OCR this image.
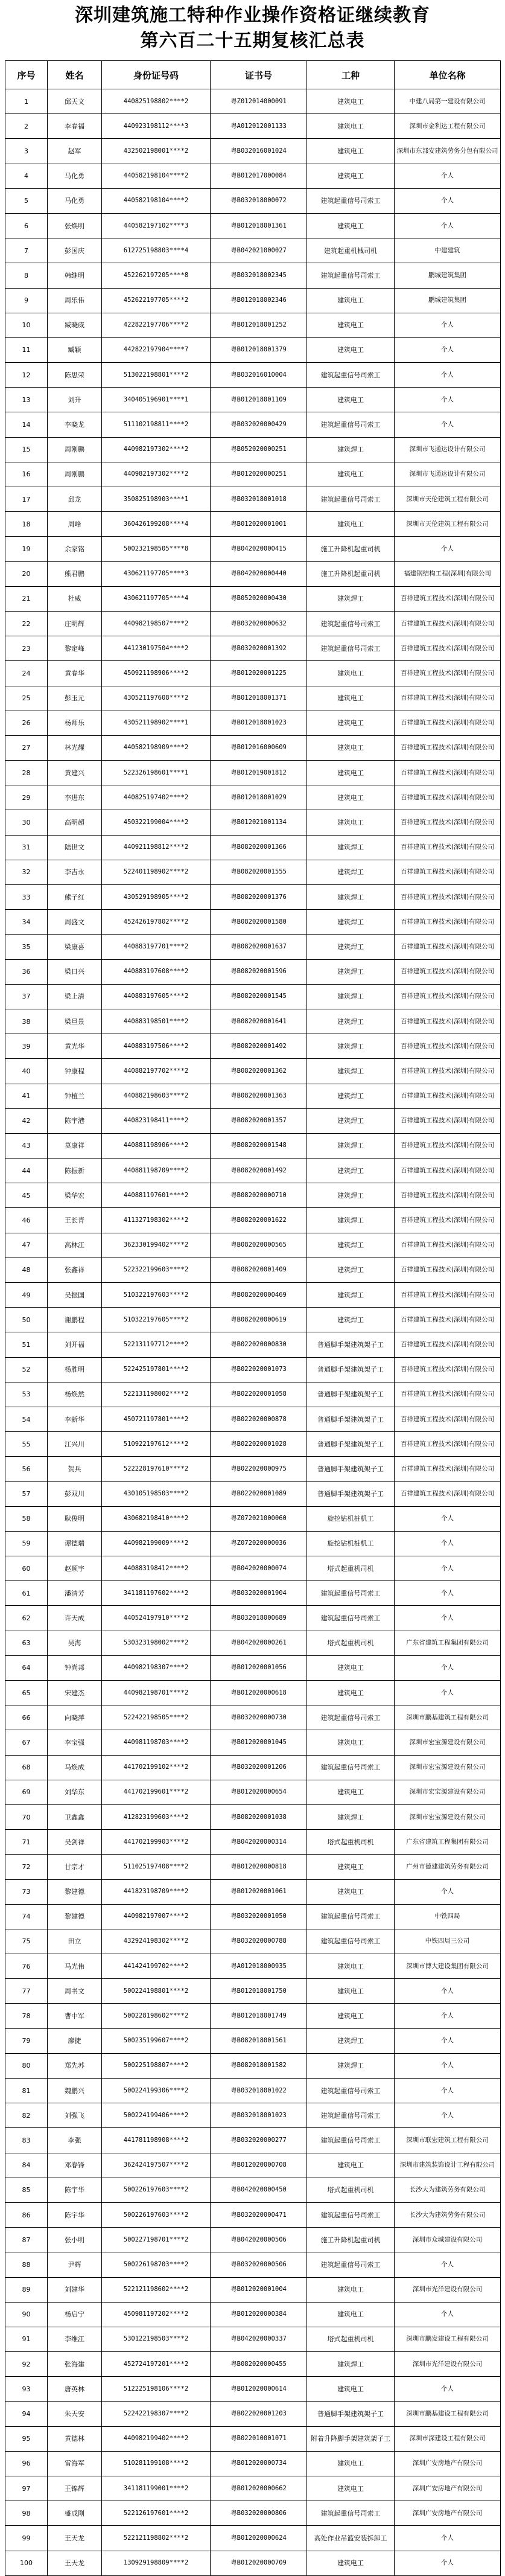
深圳建筑施工特种作业操作资格证继续教育
第六百二十五期复核汇总表
序号	姓名	身份证号码	证书号	工种	单位名称
1	邱天文	440825198802****2	粤Z012014000091	建筑电工	中建八局第一建设有限公司
2	李春福	440923198112****3	粤A012012001133	建筑电工	深圳市金利达工程有限公司
3	赵军	432502198001****2	粤B032016001024	建筑电工	深圳市东部安建筑劳务分包有限公司
4	马化勇	440582198104****2	粤B012017000084	建筑电工	个人
5	马化勇	440582198104****2	粤B032018000072	建筑起重信号司索工	个人
6	张焕明	440582197102****3	粤B012018001361	建筑电工	个人
7	彭国庆	612725198803****4	粤B042021000027	建筑起重机械司机	中建建筑
8	韩继明	452262197205****8	粤B032018002345	建筑起重信号司索工	鹏城建筑集团
9	周乐伟	452622197705****2	粤B012018002346	建筑电工	鹏城建筑集团
10	臧晓威	422822197706****2	粤B012018001252	建筑电工	个人
11	臧颖	442822197904****7	粤B012018001379	建筑电工	个人
12	陈思荣	513022198801****2	粤B032016010004	建筑起重信号司索工	个人
13	刘升	340405196901****1	粤B012018001109	建筑电工	个人
14	李晓龙	511102198811****2	粤B032020000429	建筑起重信号司索工	个人
15	周刚鹏	440982197302****2	粤B052020000251	建筑焊工	深圳市飞通达设计有限公司
16	周刚鹏	440982197302****2	粤B012020000251	建筑电工	深圳市飞通达设计有限公司
17	邱龙	350825198903****1	粤B032018001018	建筑起重信号司索工	深圳市天伦建筑工程有限公司
18	周峰	360426199208****4	粤B012020001001	建筑电工	深圳市天伦建筑工程有限公司
19	余家铭	500232198505****8	粤B042020000415	施工升降机起重司机	个人
20	熊君鹏	430621197705****3	粤B042020000440	施工升降机起重司机	福建钢结构工程(深圳)有限公司
21	杜威	430621197705****4	粤B052020000430	建筑焊工	百祥建筑工程技术(深圳)有限公司
22	庄明辉	440982198507****2	粤B032020000632	建筑起重信号司索工	百祥建筑工程技术(深圳)有限公司
23	黎定峰	441230197504****2	粤B032020001392	建筑起重信号司索工	百祥建筑工程技术(深圳)有限公司
24	黄春华	450921198906****2	粤B012020001225	建筑电工	百祥建筑工程技术(深圳)有限公司
25	彭玉元	430521197608****2	粤B012018001371	建筑电工	百祥建筑工程技术(深圳)有限公司
26	杨师乐	430521198902****1	粤B012018001023	建筑电工	百祥建筑工程技术(深圳)有限公司
27	林光耀	440582198909****2	粤B012016000609	建筑电工	百祥建筑工程技术(深圳)有限公司
28	黄建兴	522326198601****1	粤B012019001812	建筑电工	百祥建筑工程技术(深圳)有限公司
29	李进东	440825197402****2	粤B012018001029	建筑电工	百祥建筑工程技术(深圳)有限公司
30	高明超	450322199004****2	粤B012021001134	建筑电工	百祥建筑工程技术(深圳)有限公司
31	陆世文	440921198812****2	粤B082020001366	建筑焊工	百祥建筑工程技术(深圳)有限公司
32	李吉永	522401198902****2	粤B082020001555	建筑焊工	百祥建筑工程技术(深圳)有限公司
33	熊子红	430529198905****2	粤B082020001376	建筑焊工	百祥建筑工程技术(深圳)有限公司
34	周盛文	452426197802****2	粤B082020001580	建筑焊工	百祥建筑工程技术(深圳)有限公司
35	梁康喜	440883197701****2	粤B082020001637	建筑焊工	百祥建筑工程技术(深圳)有限公司
36	梁日兴	440883197608****2	粤B082020001596	建筑焊工	百祥建筑工程技术(深圳)有限公司
37	梁上清	440883197605****2	粤B082020001545	建筑焊工	百祥建筑工程技术(深圳)有限公司
38	梁旦景	440883198501****2	粤B082020001641	建筑焊工	百祥建筑工程技术(深圳)有限公司
39	黄光华	440883197506****2	粤B082020001492	建筑焊工	百祥建筑工程技术(深圳)有限公司
40	钟康程	440882197702****2	粤B082020001362	建筑焊工	百祥建筑工程技术(深圳)有限公司
41	钟植兰	440882198603****2	粤B082020001363	建筑焊工	百祥建筑工程技术(深圳)有限公司
42	陈宇港	440823198411****2	粤B082020001357	建筑焊工	百祥建筑工程技术(深圳)有限公司
43	莫康祥	440881198906****2	粤B082020001548	建筑焊工	百祥建筑工程技术(深圳)有限公司
44	陈振新	440881198709****2	粤B082020001492	建筑焊工	百祥建筑工程技术(深圳)有限公司
45	梁华宏	440881197601****2	粤B082020000710	建筑焊工	百祥建筑工程技术(深圳)有限公司
46	王长青	411327198302****2	粤B082020001622	建筑焊工	百祥建筑工程技术(深圳)有限公司
47	高林江	362330199402****2	粤B082020000565	建筑焊工	百祥建筑工程技术(深圳)有限公司
48	张鑫祥	522322199603****2	粤B082020001409	建筑焊工	百祥建筑工程技术(深圳)有限公司
49	吴振国	510322197603****2	粤B082020000469	建筑焊工	百祥建筑工程技术(深圳)有限公司
50	谢鹏程	510322197605****2	粤B082020000619	建筑焊工	百祥建筑工程技术(深圳)有限公司
51	刘开福	522131197712****2	粤B022020000830	普通脚手架建筑架子工	百祥建筑工程技术(深圳)有限公司
52	杨胜明	522425197801****2	粤B022020001073	普通脚手架建筑架子工	百祥建筑工程技术(深圳)有限公司
53	杨焕然	522131198002****2	粤B022020001058	普通脚手架建筑架子工	百祥建筑工程技术(深圳)有限公司
54	李新华	450721197801****2	粤B022020000878	普通脚手架建筑架子工	百祥建筑工程技术(深圳)有限公司
55	江兴川	510922197612****2	粤B022020001028	普通脚手架建筑架子工	百祥建筑工程技术(深圳)有限公司
56	贺兵	522228197610****2	粤B022020000975	普通脚手架建筑架子工	百祥建筑工程技术(深圳)有限公司
57	彭双川	430105198503****2	粤B022020001089	普通脚手架建筑架子工	百祥建筑工程技术(深圳)有限公司
58	耿俊明	430682198410****2	粤Z072021000060	旋挖钻机桩机工	个人
59	谭德瑞	440982199009****2	粤Z072020000036	旋挖钻机桩机工	个人
60	赵顺宇	440883198412****2	粤B042020000074	塔式起重机司机	个人
61	潘清芳	341181197602****2	粤B032020001904	建筑起重信号司索工	个人
62	许天成	440524197910****2	粤B032018000689	建筑起重信号司索工	个人
63	吴海	530323198002****2	粤B042020000261	塔式起重机司机	广东省建筑工程集团有限公司
64	钟尚邦	440982198307****2	粤B012020001056	建筑电工	个人
65	宋建杰	440982198701****2	粤B012020000618	建筑电工	个人
66	向晓萍	522422198505****2	粤B032020000730	建筑起重信号司索工	深圳市鹏基建筑工程有限公司
67	李宝强	440981198703****2	粤B012020001045	建筑电工	深圳市宏宝源建设有限公司
68	马焕成	441702199102****2	粤B032020001206	建筑起重信号司索工	深圳市宏宝源建设有限公司
69	刘华东	441702199601****2	粤B012020000654	建筑电工	深圳市宏宝源建设有限公司
70	卫鑫鑫	412823199603****2	粤B082020001038	建筑焊工	深圳市宏宝源建设有限公司
71	吴剑祥	441702199903****2	粤B042020000314	塔式起重机司机	广东省建筑工程集团有限公司
72	甘宗才	511025197408****2	粤B012020000818	建筑电工	广州市德建建筑劳务有限公司
73	黎建德	441823198709****2	粤B012020001061	建筑电工	个人
74	黎建德	440982197007****2	粤B032020001050	建筑起重信号司索工	中铁四局
75	田立	432924198302****2	粤B032020000788	建筑起重信号司索工	中铁四局三公司
76	马光伟	441424199702****2	粤A012018000935	建筑电工	深圳市博大建设集团有限公司
77	周书文	500224198801****2	粤B012018001750	建筑电工	个人
78	曹中军	500228198602****2	粤B012018001749	建筑电工	个人
79	廖捷	500235199607****2	粤B082018001561	建筑焊工	个人
80	郑先苏	500225198807****2	粤B082018001582	建筑焊工	个人
81	魏鹏兴	500224199306****2	粤B032018001022	建筑起重信号司索工	个人
82	刘强飞	500224199406****2	粤B032018001023	建筑起重信号司索工	个人
83	李强	441781198908****2	粤B032020000277	建筑起重信号司索工	深圳市联宏建筑工程有限公司
84	邓春锋	362424197507****2	粤B012020000708	建筑电工	深圳市建筑装饰设计工程有限公司
85	陈宇华	500226197603****2	粤B042020000450	塔式起重机司机	长沙大为建筑劳务有限公司
86	陈宇华	500226197603****2	粤B032020000471	建筑起重信号司索工	长沙大为建筑劳务有限公司
87	张小明	500227198701****2	粤B042020000506	施工升降机起重司机	深圳市众城建设有限公司
88	尹辉	500226198703****2	粤B032020000506	建筑起重信号司索工	个人
89	刘建华	522121198602****2	粤B012020001004	建筑电工	深圳市光洋建设有限公司
90	杨启宁	450981197202****2	粤B012020000384	建筑电工	个人
91	李维江	530122198503****2	粤B042020000337	塔式起重机司机	深圳市鹏发建设工程有限公司
92	张海建	452724197201****2	粤B082020000455	建筑焊工	深圳市光洋建设有限公司
93	唐英林	512225198106****2	粤B012020000614	建筑电工	个人
94	朱天安	522422198307****2	粤B022020001203	普通脚手架建筑架子工	深圳市鹏基建设工程有限公司
95	黄德林	440982199402****2	粤B022010001071	附着升降脚手架建筑架子工	深圳市深建设工程有限公司
96	雷海军	510281199108****2	粤B012020000734	建筑电工	深圳广安房地产有限公司
97	王锦辉	341181199001****2	粤B012020000662	建筑电工	深圳广安房地产有限公司
98	盛成刚	522126197601****2	粤B032020000806	建筑起重信号司索工	深圳广安房地产有限公司
99	王天龙	522121198802****2	粤B012020000624	高处作业吊篮安装拆卸工	个人
100	王天龙	130929198809****2	粤B012020000709	建筑电工	个人
